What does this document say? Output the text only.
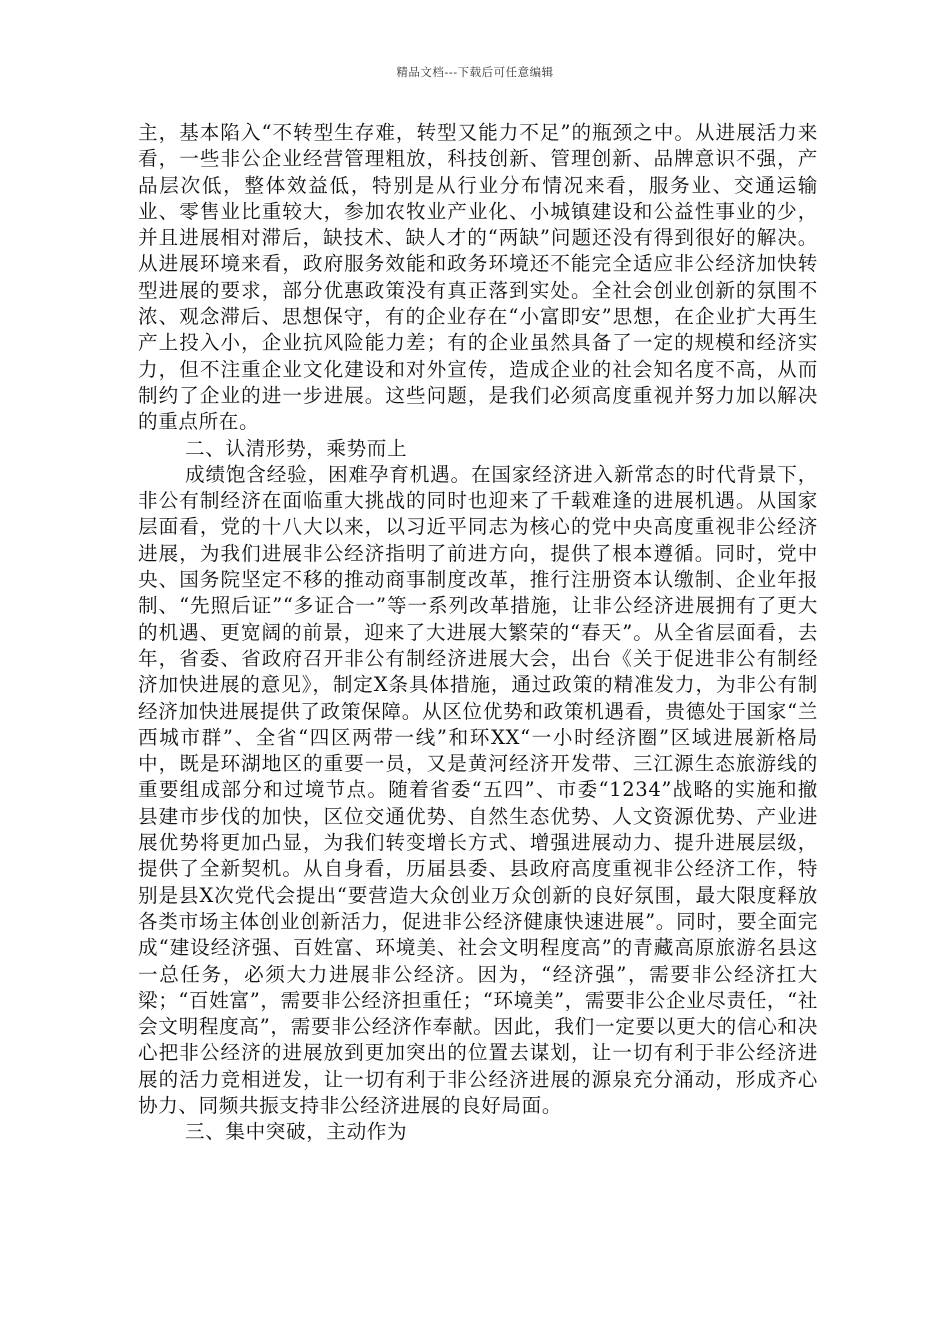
精品文档---下载后可任意编辑

主，基本陷入“不转型生存难，转型又能力不足”的瓶颈之中。从进展活力来看，一些非公企业经营管理粗放，科技创新、管理创新、品牌意识不强，产品层次低，整体效益低，特别是从行业分布情况来看，服务业、交通运输业、零售业比重较大，参加农牧业产业化、小城镇建设和公益性事业的少，并且进展相对滞后，缺技术、缺人才的“两缺”问题还没有得到很好的解决。从进展环境来看，政府服务效能和政务环境还不能完全适应非公经济加快转型进展的要求，部分优惠政策没有真正落到实处。全社会创业创新的氛围不浓、观念滞后、思想保守，有的企业存在“小富即安”思想，在企业扩大再生产上投入小，企业抗风险能力差；有的企业虽然具备了一定的规模和经济实力，但不注重企业文化建设和对外宣传，造成企业的社会知名度不高，从而制约了企业的进一步进展。这些问题，是我们必须高度重视并努力加以解决的重点所在。

二、认清形势，乘势而上

成绩饱含经验，困难孕育机遇。在国家经济进入新常态的时代背景下，非公有制经济在面临重大挑战的同时也迎来了千载难逢的进展机遇。从国家层面看，党的十八大以来，以习近平同志为核心的党中央高度重视非公经济进展，为我们进展非公经济指明了前进方向，提供了根本遵循。同时，党中央、国务院坚定不移的推动商事制度改革，推行注册资本认缴制、企业年报制、“先照后证”“多证合一”等一系列改革措施，让非公经济进展拥有了更大的机遇、更宽阔的前景，迎来了大进展大繁荣的“春天”。从全省层面看，去年，省委、省政府召开非公有制经济进展大会，出台《关于促进非公有制经济加快进展的意见》，制定X条具体措施，通过政策的精准发力，为非公有制经济加快进展提供了政策保障。从区位优势和政策机遇看，贵德处于国家“兰西城市群”、全省“四区两带一线”和环XX“一小时经济圈”区域进展新格局中，既是环湖地区的重要一员，又是黄河经济开发带、三江源生态旅游线的重要组成部分和过境节点。随着省委“五四”、市委“1234”战略的实施和撤县建市步伐的加快，区位交通优势、自然生态优势、人文资源优势、产业进展优势将更加凸显，为我们转变增长方式、增强进展动力、提升进展层级，提供了全新契机。从自身看，历届县委、县政府高度重视非公经济工作，特别是县X次党代会提出“要营造大众创业万众创新的良好氛围，最大限度释放各类市场主体创业创新活力，促进非公经济健康快速进展”。同时，要全面完成“建设经济强、百姓富、环境美、社会文明程度高”的青藏高原旅游名县这一总任务，必须大力进展非公经济。因为，“经济强”，需要非公经济扛大梁；“百姓富”，需要非公经济担重任；“环境美”，需要非公企业尽责任，“社会文明程度高”，需要非公经济作奉献。因此，我们一定要以更大的信心和决心把非公经济的进展放到更加突出的位置去谋划，让一切有利于非公经济进展的活力竞相迸发，让一切有利于非公经济进展的源泉充分涌动，形成齐心协力、同频共振支持非公经济进展的良好局面。

三、集中突破，主动作为
